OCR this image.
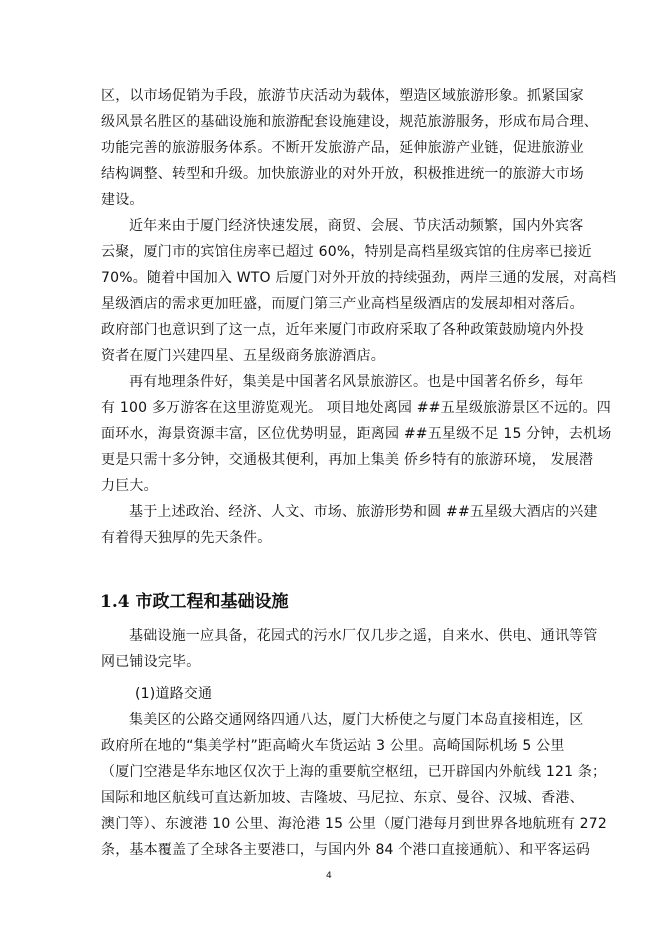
区，以市场促销为手段，旅游节庆活动为载体，塑造区域旅游形象。抓紧国家
级风景名胜区的基础设施和旅游配套设施建设，规范旅游服务，形成布局合理、
功能完善的旅游服务体系。不断开发旅游产品，延伸旅游产业链，促进旅游业
结构调整、转型和升级。加快旅游业的对外开放，积极推进统一的旅游大市场
建设。
近年来由于厦门经济快速发展，商贸、会展、节庆活动频繁，国内外宾客
云聚，厦门市的宾馆住房率已超过 60%，特别是高档星级宾馆的住房率已接近
70%。随着中国加入 WTO 后厦门对外开放的持续强劲，两岸三通的发展，对高档
星级酒店的需求更加旺盛，而厦门第三产业高档星级酒店的发展却相对落后。
政府部门也意识到了这一点，近年来厦门市政府采取了各种政策鼓励境内外投
资者在厦门兴建四星、五星级商务旅游酒店。
再有地理条件好，集美是中国著名风景旅游区。也是中国著名侨乡，每年
有 100 多万游客在这里游览观光。 项目地处离园 ##五星级旅游景区不远的。四
面环水，海景资源丰富，区位优势明显，距离园 ##五星级不足 15 分钟，去机场
更是只需十多分钟，交通极其便利，再加上集美 侨乡特有的旅游环境， 发展潜
力巨大。
基于上述政治、经济、人文、市场、旅游形势和圆 ##五星级大酒店的兴建
有着得天独厚的先天条件。
1.4 市政工程和基础设施
基础设施一应具备，花园式的污水厂仅几步之遥，自来水、供电、通讯等管
网已铺设完毕。
(1)道路交通
集美区的公路交通网络四通八达，厦门大桥使之与厦门本岛直接相连，区
政府所在地的“集美学村”距高崎火车货运站 3 公里。高崎国际机场 5 公里
（厦门空港是华东地区仅次于上海的重要航空枢纽，已开辟国内外航线 121 条；
国际和地区航线可直达新加坡、吉隆坡、马尼拉、东京、曼谷、汉城、香港、
澳门等）、东渡港 10 公里、海沧港 15 公里（厦门港每月到世界各地航班有 272
条，基本覆盖了全球各主要港口，与国内外 84 个港口直接通航）、和平客运码
4
